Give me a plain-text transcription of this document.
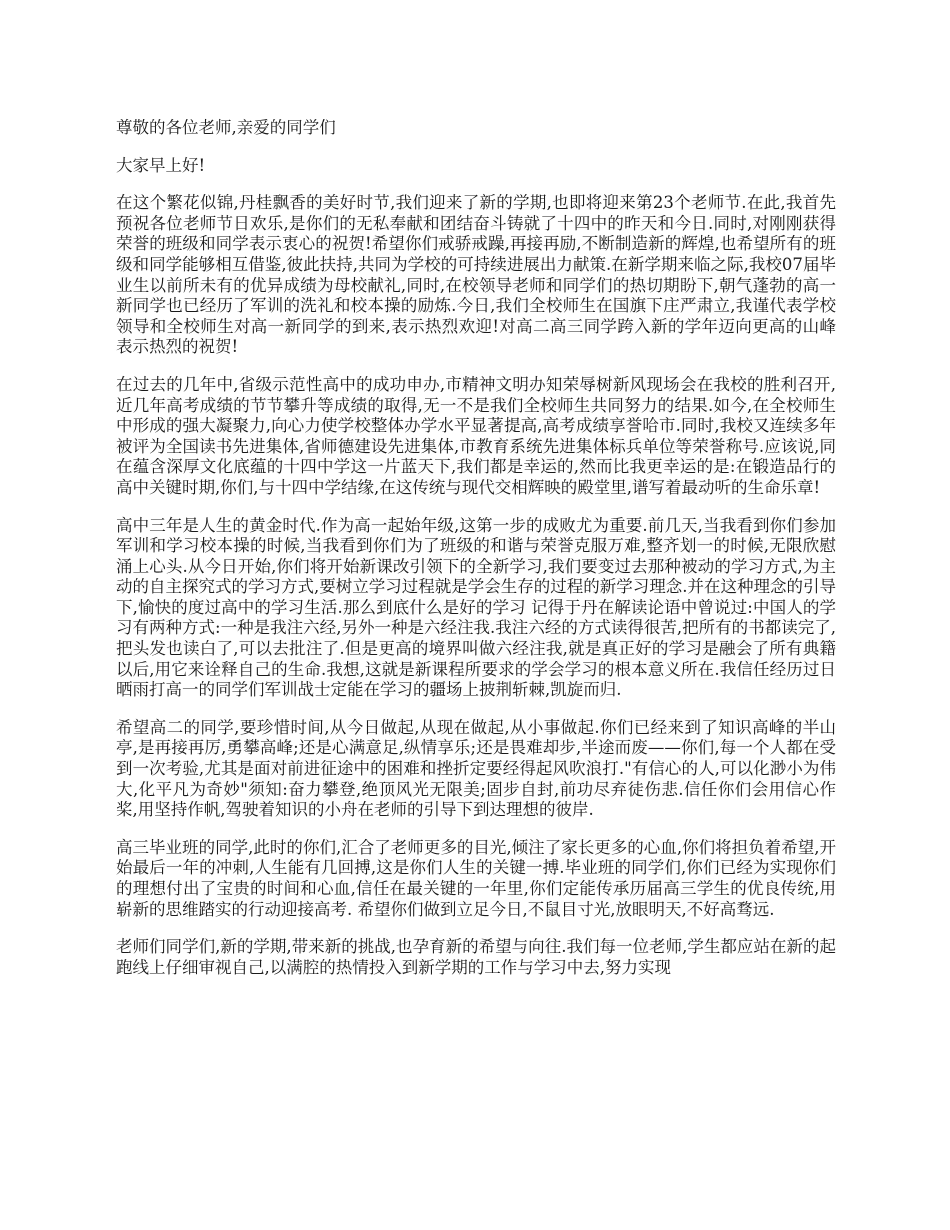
尊敬的各位老师,亲爱的同学们

大家早上好!

在这个繁花似锦,丹桂飘香的美好时节,我们迎来了新的学期,也即将迎来第23个老师节.在此,我首先预祝各位老师节日欢乐,是你们的无私奉献和团结奋斗铸就了十四中的昨天和今日.同时,对刚刚获得荣誉的班级和同学表示衷心的祝贺!希望你们戒骄戒躁,再接再励,不断制造新的辉煌,也希望所有的班级和同学能够相互借鉴,彼此扶持,共同为学校的可持续进展出力献策.在新学期来临之际,我校07届毕业生以前所未有的优异成绩为母校献礼,同时,在校领导老师和同学们的热切期盼下,朝气蓬勃的高一新同学也已经历了军训的洗礼和校本操的励炼.今日,我们全校师生在国旗下庄严肃立,我谨代表学校领导和全校师生对高一新同学的到来,表示热烈欢迎!对高二高三同学跨入新的学年迈向更高的山峰表示热烈的祝贺!

在过去的几年中,省级示范性高中的成功申办,市精神文明办知荣辱树新风现场会在我校的胜利召开,近几年高考成绩的节节攀升等成绩的取得,无一不是我们全校师生共同努力的结果.如今,在全校师生中形成的强大凝聚力,向心力使学校整体办学水平显著提高,高考成绩享誉哈市.同时,我校又连续多年被评为全国读书先进集体,省师德建设先进集体,市教育系统先进集体标兵单位等荣誉称号.应该说,同在蕴含深厚文化底蕴的十四中学这一片蓝天下,我们都是幸运的,然而比我更幸运的是:在锻造品行的高中关键时期,你们,与十四中学结缘,在这传统与现代交相辉映的殿堂里,谱写着最动听的生命乐章!

高中三年是人生的黄金时代.作为高一起始年级,这第一步的成败尤为重要.前几天,当我看到你们参加军训和学习校本操的时候,当我看到你们为了班级的和谐与荣誉克服万难,整齐划一的时候,无限欣慰涌上心头.从今日开始,你们将开始新课改引领下的全新学习,我们要变过去那种被动的学习方式,为主动的自主探究式的学习方式,要树立学习过程就是学会生存的过程的新学习理念.并在这种理念的引导下,愉快的度过高中的学习生活.那么到底什么是好的学习 记得于丹在解读论语中曾说过:中国人的学习有两种方式:一种是我注六经,另外一种是六经注我.我注六经的方式读得很苦,把所有的书都读完了,把头发也读白了,可以去批注了.但是更高的境界叫做六经注我,就是真正好的学习是融会了所有典籍以后,用它来诠释自己的生命.我想,这就是新课程所要求的学会学习的根本意义所在.我信任经历过日晒雨打高一的同学们军训战士定能在学习的疆场上披荆斩棘,凯旋而归.

希望高二的同学,要珍惜时间,从今日做起,从现在做起,从小事做起.你们已经来到了知识高峰的半山亭,是再接再厉,勇攀高峰;还是心满意足,纵情享乐;还是畏难却步,半途而废——你们,每一个人都在受到一次考验,尤其是面对前进征途中的困难和挫折定要经得起风吹浪打."有信心的人,可以化渺小为伟大,化平凡为奇妙"须知:奋力攀登,绝顶风光无限美;固步自封,前功尽弃徒伤悲.信任你们会用信心作桨,用坚持作帆,驾驶着知识的小舟在老师的引导下到达理想的彼岸.

高三毕业班的同学,此时的你们,汇合了老师更多的目光,倾注了家长更多的心血,你们将担负着希望,开始最后一年的冲刺,人生能有几回搏,这是你们人生的关键一搏.毕业班的同学们,你们已经为实现你们的理想付出了宝贵的时间和心血,信任在最关键的一年里,你们定能传承历届高三学生的优良传统,用崭新的思维踏实的行动迎接高考. 希望你们做到立足今日,不鼠目寸光,放眼明天,不好高骛远.

老师们同学们,新的学期,带来新的挑战,也孕育新的希望与向往.我们每一位老师,学生都应站在新的起跑线上仔细审视自己,以满腔的热情投入到新学期的工作与学习中去,努力实现
